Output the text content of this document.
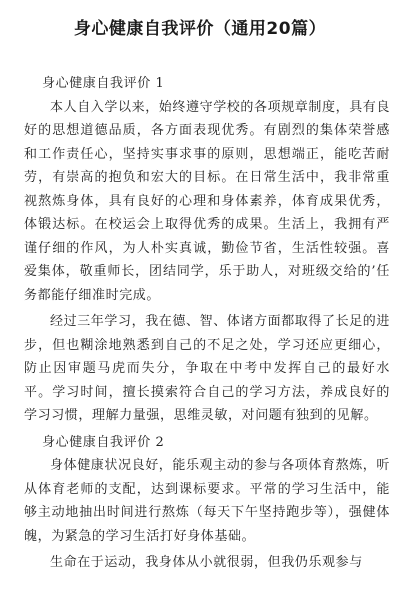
身心健康自我评价（通用20篇）

身心健康自我评价 1

本人自入学以来，始终遵守学校的各项规章制度，具有良好的思想道德品质，各方面表现优秀。有剧烈的集体荣誉感和工作责任心，坚持实事求事的原则，思想端正，能吃苦耐劳，有崇高的抱负和宏大的目标。在日常生活中，我非常重视熬炼身体，具有良好的心理和身体素养，体育成果优秀，体锻达标。在校运会上取得优秀的成果。生活上，我拥有严谨仔细的作风，为人朴实真诚，勤俭节省，生活性较强。喜爱集体，敬重师长，团结同学，乐于助人，对班级交给的’任务都能仔细准时完成。

经过三年学习，我在德、智、体诸方面都取得了长足的进步，但也糊涂地熟悉到自己的不足之处，学习还应更细心，防止因审题马虎而失分，争取在中考中发挥自己的最好水平。学习时间，擅长摸索符合自己的学习方法，养成良好的学习习惯，理解力量强，思维灵敏，对问题有独到的见解。

身心健康自我评价 2

身体健康状况良好，能乐观主动的参与各项体育熬炼，听从体育老师的支配，达到课标要求。平常的学习生活中，能够主动地抽出时间进行熬炼（每天下午坚持跑步等），强健体魄，为紧急的学习生活打好身体基础。

生命在于运动，我身体从小就很弱，但我仍乐观参与
